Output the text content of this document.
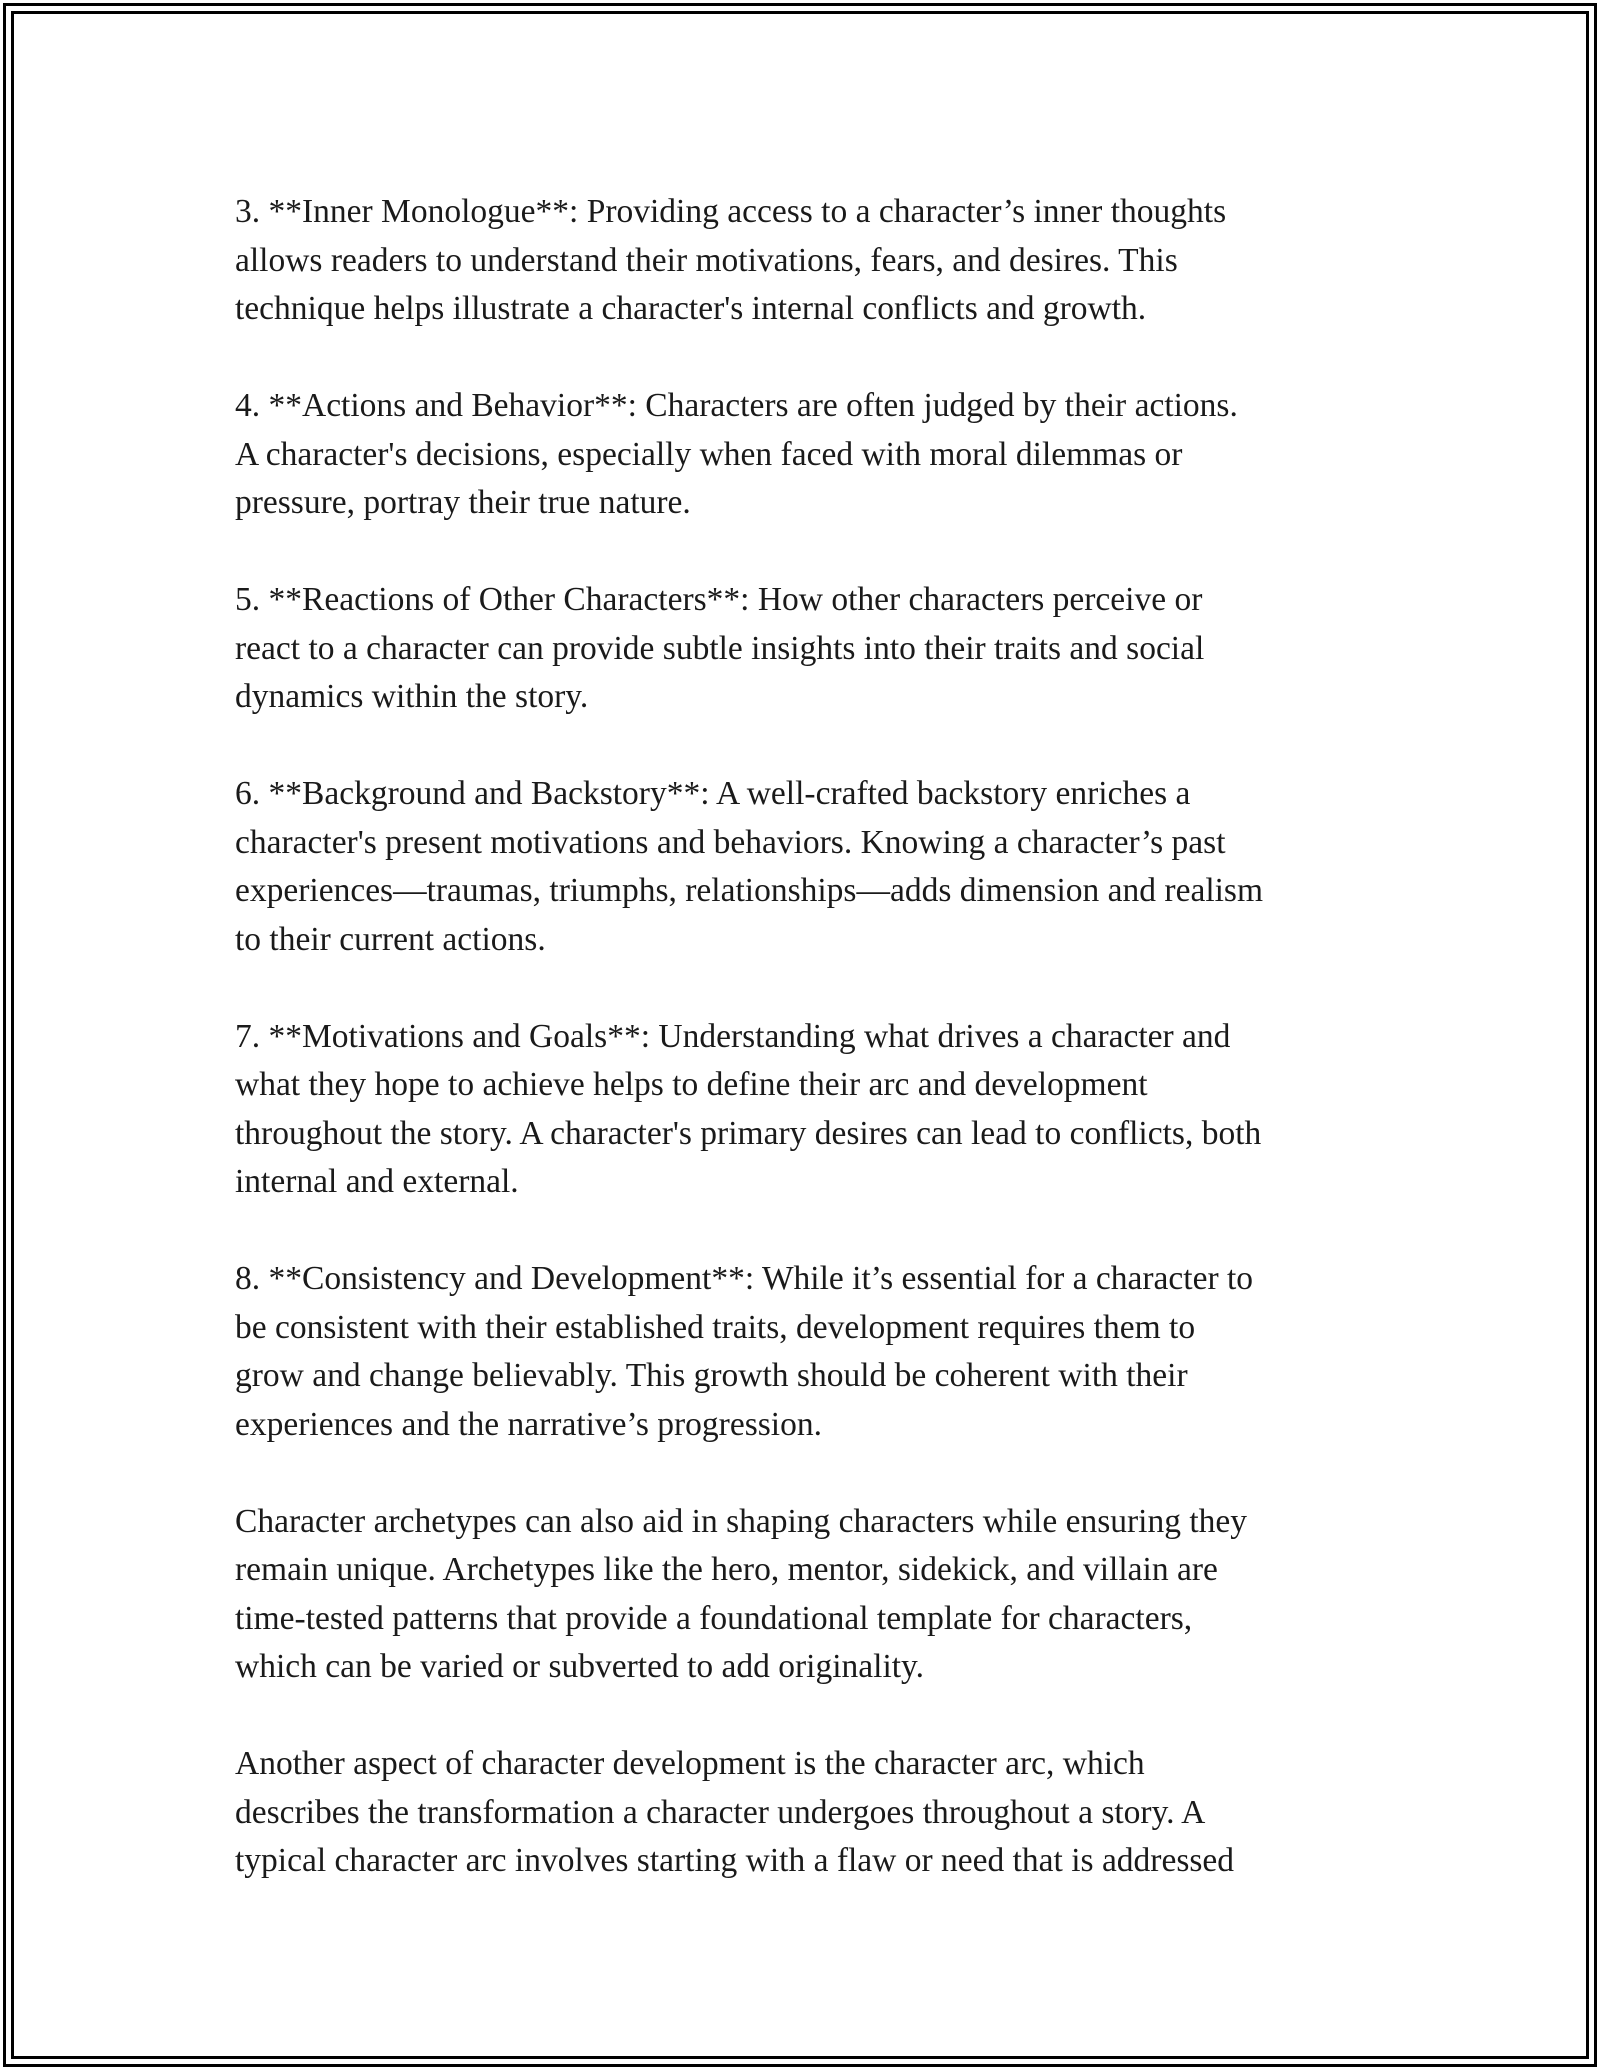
3. **Inner Monologue**: Providing access to a character’s inner thoughts
allows readers to understand their motivations, fears, and desires. This
technique helps illustrate a character's internal conflicts and growth.

4. **Actions and Behavior**: Characters are often judged by their actions.
A character's decisions, especially when faced with moral dilemmas or
pressure, portray their true nature.

5. **Reactions of Other Characters**: How other characters perceive or
react to a character can provide subtle insights into their traits and social
dynamics within the story.

6. **Background and Backstory**: A well-crafted backstory enriches a
character's present motivations and behaviors. Knowing a character’s past
experiences—traumas, triumphs, relationships—adds dimension and realism
to their current actions.

7. **Motivations and Goals**: Understanding what drives a character and
what they hope to achieve helps to define their arc and development
throughout the story. A character's primary desires can lead to conflicts, both
internal and external.

8. **Consistency and Development**: While it’s essential for a character to
be consistent with their established traits, development requires them to
grow and change believably. This growth should be coherent with their
experiences and the narrative’s progression.

Character archetypes can also aid in shaping characters while ensuring they
remain unique. Archetypes like the hero, mentor, sidekick, and villain are
time-tested patterns that provide a foundational template for characters,
which can be varied or subverted to add originality.

Another aspect of character development is the character arc, which
describes the transformation a character undergoes throughout a story. A
typical character arc involves starting with a flaw or need that is addressed
